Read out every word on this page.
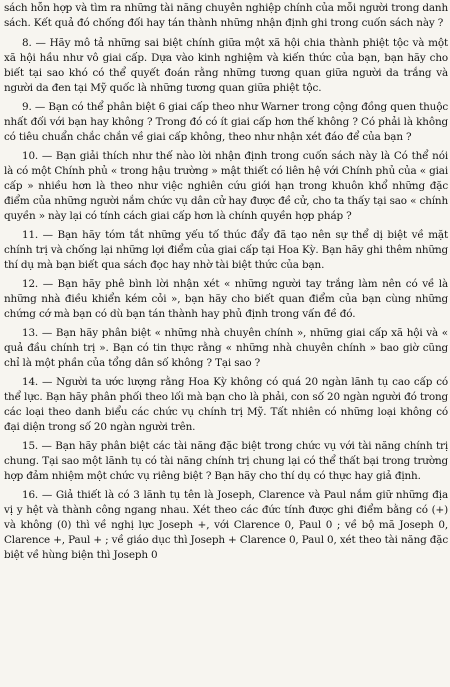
sách hỗn hợp và tìm ra những tài năng chuyên nghiệp chính của mỗi người trong danh sách. Kết quả đó chống đối hay tán thành những nhận định ghi trong cuốn sách này ?

8. — Hãy mô tả những sai biệt chính giữa một xã hội chia thành phiệt tộc và một xã hội hầu như vô giai cấp. Dựa vào kinh nghiệm và kiến thức của bạn, bạn hãy cho biết tại sao khó có thể quyết đoán rằng những tương quan giữa người da trắng và người da đen tại Mỹ quốc là những tương quan giữa phiệt tộc.

9. — Bạn có thể phân biệt 6 giai cấp theo như Warner trong cộng đồng quen thuộc nhất đối với bạn hay không ? Trong đó có ít giai cấp hơn thế không ? Có phải là không có tiêu chuẩn chắc chắn về giai cấp không, theo như nhận xét đáo để của bạn ?

10. — Bạn giải thích như thế nào lời nhận định trong cuốn sách này là Có thể nói là có một Chính phủ « trong hậu trường » mật thiết có liên hệ với Chính phủ của « giai cấp » nhiều hơn là theo như việc nghiên cứu giới hạn trong khuôn khổ những đặc điểm của những người nắm chức vụ dân cử hay được đề cử, cho ta thấy tại sao « chính quyền » này lại có tính cách giai cấp hơn là chính quyền hợp pháp ?

11. — Bạn hãy tóm tắt những yếu tố thúc đẩy đã tạo nên sự thể dị biệt về mặt chính trị và chống lại những lợi điểm của giai cấp tại Hoa Kỳ. Bạn hãy ghi thêm những thí dụ mà bạn biết qua sách đọc hay nhờ tài biệt thức của bạn.

12. — Bạn hãy phê bình lời nhận xét « những người tay trắng làm nên có về là những nhà điều khiển kém cỏi », bạn hãy cho biết quan điểm của bạn cùng những chứng cớ mà bạn có dù bạn tán thành hay phủ định trong vấn đề đó.

13. — Bạn hãy phân biệt « những nhà chuyên chính », những giai cấp xã hội và « quả đầu chính trị ». Bạn có tin thực rằng « những nhà chuyên chính » bao giờ cũng chỉ là một phần của tổng dân số không ? Tại sao ?

14. — Người ta ước lượng rằng Hoa Kỳ không có quá 20 ngàn lãnh tụ cao cấp có thể lực. Bạn hãy phân phối theo lối mà bạn cho là phải, con số 20 ngàn người đó trong các loại theo danh biểu các chức vụ chính trị Mỹ. Tất nhiên có những loại không có đại diện trong số 20 ngàn người trên.

15. — Bạn hãy phân biệt các tài năng đặc biệt trong chức vụ với tài năng chính trị chung. Tại sao một lãnh tụ có tài năng chính trị chung lại có thể thất bại trong trường hợp đảm nhiệm một chức vụ riêng biệt ? Bạn hãy cho thí dụ có thực hay giả định.

16. — Giả thiết là có 3 lãnh tụ tên là Joseph, Clarence và Paul nắm giữ những địa vị y hệt và thành công ngang nhau. Xét theo các đức tính được ghi điểm bằng có (+) và không (0) thì về nghị lực Joseph +, với Clarence 0, Paul 0 ; về bộ mã Joseph 0, Clarence +, Paul + ; về giáo dục thì Joseph + Clarence 0, Paul 0, xét theo tài năng đặc biệt về hùng biện thì Joseph 0
